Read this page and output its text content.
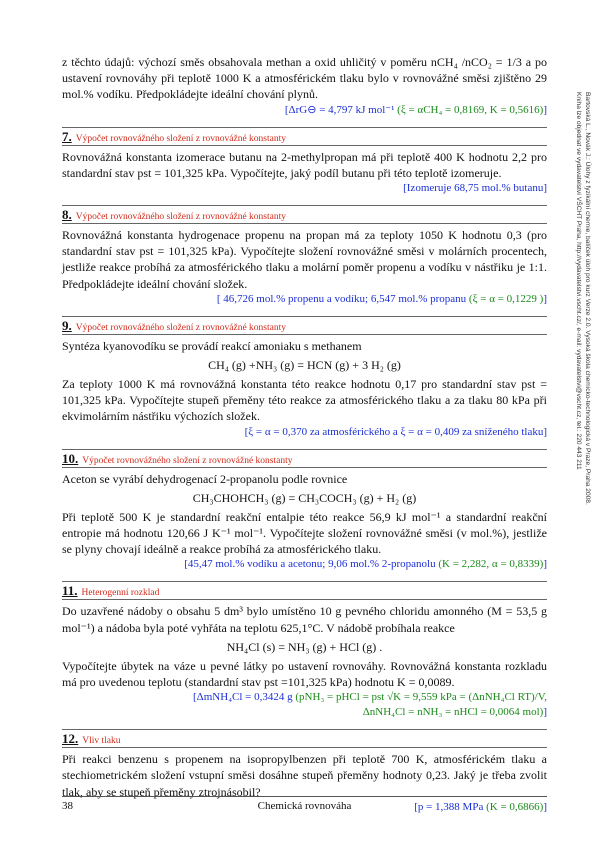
Bartovská L., Novák J.: Úlohy z fyzikální chemie, balíček úloh pro kurz Verze 2.0. Vysoká škola chemicko-technologická v Praze, Praha 2008.
Kniha lze objednat ve vydavatelství VŠCHT Praha, http://vydavatelstvi.vscht.cz/, e-mail: vydavatelstvi@vscht.cz, tel.: 220 443 211

z těchto údajů: výchozí směs obsahovala methan a oxid uhličitý v poměru nCH₄ /nCO₂ = 1/3 a po ustavení rovnováhy při teplotě 1000 K a atmosférickém tlaku bylo v rovnovážné směsi zjištěno 29 mol.% vodíku. Předpokládejte ideální chování plynů.

[ΔrG⊖ = 4,797 kJ mol⁻¹ (ξ = αCH₄ = 0,8169, K = 0,5616)]
7. Výpočet rovnovážného složení z rovnovážné konstanty

Rovnovážná konstanta izomerace butanu na 2-methylpropan má při teplotě 400 K hodnotu 2,2 pro standardní stav pst = 101,325 kPa. Vypočítejte, jaký podíl butanu při této teplotě izomeruje.

[Izomeruje 68,75 mol.% butanu]
8. Výpočet rovnovážného složení z rovnovážné konstanty

Rovnovážná konstanta hydrogenace propenu na propan má za teploty 1050 K hodnotu 0,3 (pro standardní stav pst = 101,325 kPa). Vypočítejte složení rovnovážné směsi v molárních procentech, jestliže reakce probíhá za atmosférického tlaku a molární poměr propenu a vodíku v nástřiku je 1:1. Předpokládejte ideální chování složek.

[ 46,726 mol.% propenu a vodíku; 6,547 mol.% propanu (ξ = α = 0,1229 )]
9. Výpočet rovnovážného složení z rovnovážné konstanty

Syntéza kyanovodíku se provádí reakcí amoniaku s methanem

CH₄ (g) +NH₃ (g) = HCN (g) + 3 H₂ (g)

Za teploty 1000 K má rovnovážná konstanta této reakce hodnotu 0,17 pro standardní stav pst = 101,325 kPa. Vypočítejte stupeň přeměny této reakce za atmosférického tlaku a za tlaku 80 kPa při ekvimolárním nástřiku výchozích složek.

[ξ = α = 0,370 za atmosférického a ξ = α = 0,409 za sníženého tlaku]
10. Výpočet rovnovážného složení z rovnovážné konstanty

Aceton se vyrábí dehydrogenací 2-propanolu podle rovnice

CH₃CHOHCH₃ (g) = CH₃COCH₃ (g) + H₂ (g)

Při teplotě 500 K je standardní reakční entalpie této reakce 56,9 kJ mol⁻¹ a standardní reakční entropie má hodnotu 120,66 J K⁻¹ mol⁻¹. Vypočítejte složení rovnovážné směsi (v mol.%), jestliže se plyny chovají ideálně a reakce probíhá za atmosférického tlaku.

[45,47 mol.% vodíku a acetonu; 9,06 mol.% 2-propanolu (K = 2,282, α = 0,8339)]
11. Heterogenní rozklad

Do uzavřené nádoby o obsahu 5 dm³ bylo umístěno 10 g pevného chloridu amonného (M = 53,5 g mol⁻¹) a nádoba byla poté vyhřáta na teplotu 625,1°C. V nádobě probíhala reakce

NH₄Cl (s) = NH₃ (g) + HCl (g) .

Vypočítejte úbytek na váze u pevné látky po ustavení rovnováhy. Rovnovážná konstanta rozkladu má pro uvedenou teplotu (standardní stav pst =101,325 kPa) hodnotu K = 0,0089.

[ΔmNH₄Cl = 0,3424 g (pNH₃ = pHCl = pst √K = 9,559 kPa = (ΔnNH₄Cl RT)/V,
ΔnNH₄Cl = nNH₃ = nHCl = 0,0064 mol)]
12. Vliv tlaku

Při reakci benzenu s propenem na isopropylbenzen při teplotě 700 K, atmosférickém tlaku a stechiometrickém složení vstupní směsi dosáhne stupeň přeměny hodnoty 0,23. Jaký je třeba zvolit tlak, aby se stupeň přeměny ztrojnásobil?

[p = 1,388 MPa (K = 0,6866)]
Chemická rovnováha
38
